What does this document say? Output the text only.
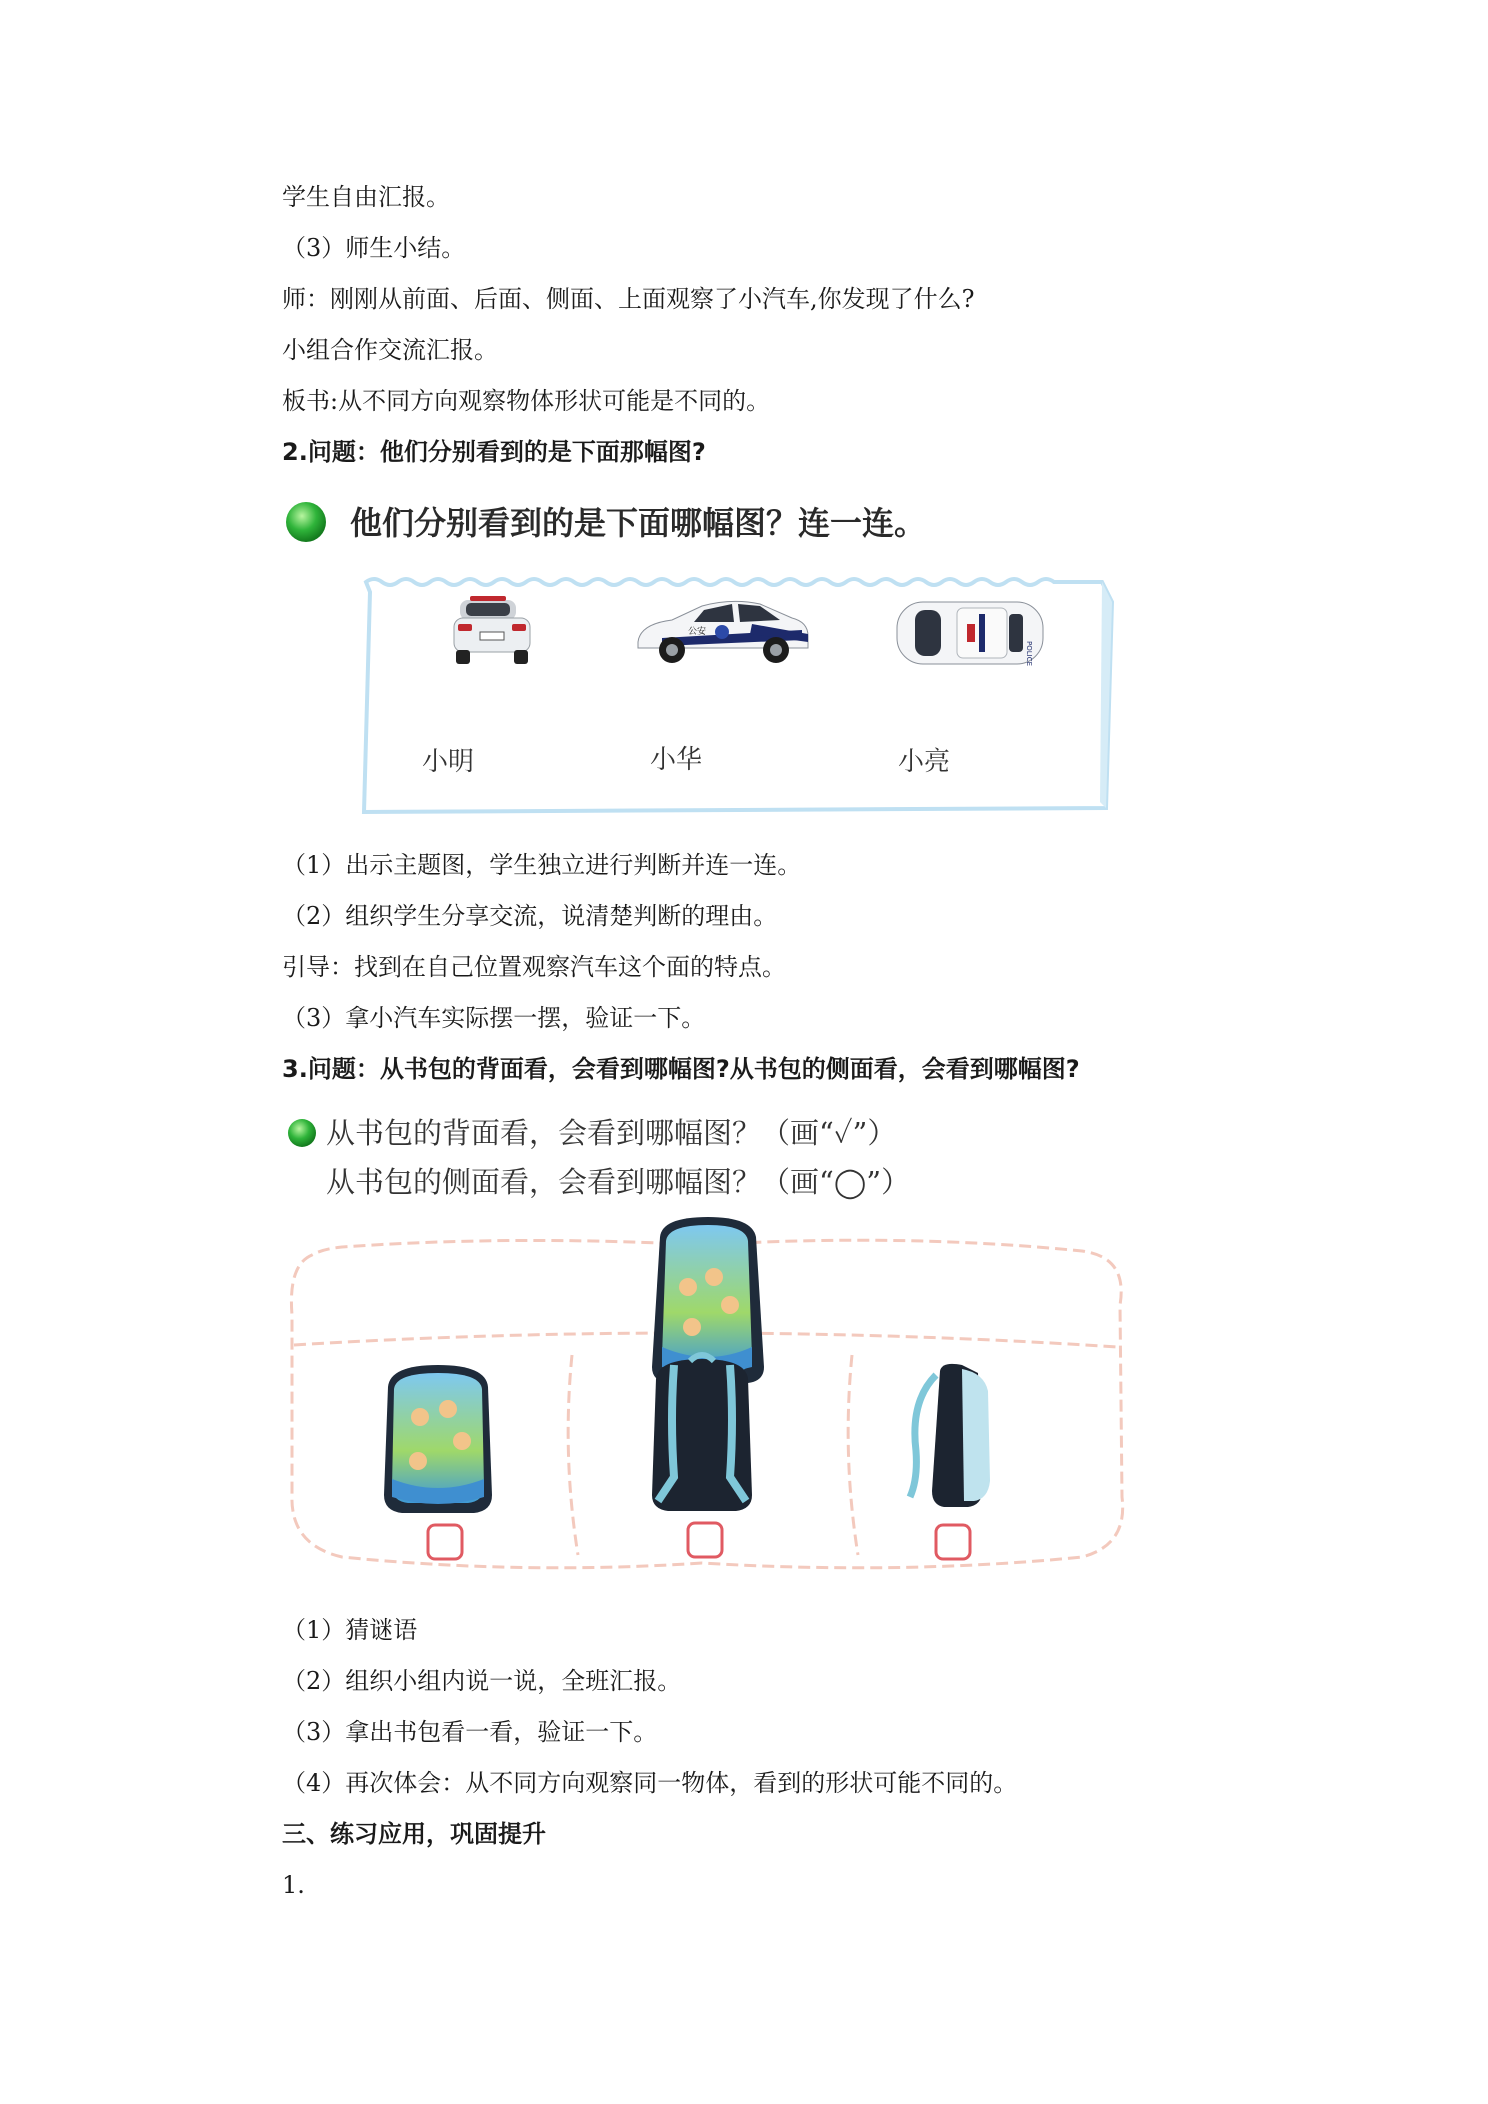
学生自由汇报。
（3）师生小结。
师：刚刚从前面、后面、侧面、上面观察了小汽车,你发现了什么?
小组合作交流汇报。
板书:从不同方向观察物体形状可能是不同的。
2.问题：他们分别看到的是下面那幅图?
他们分别看到的是下面哪幅图？连一连。
公安
POLICE
小明	小华	小亮
（1）出示主题图，学生独立进行判断并连一连。
（2）组织学生分享交流，说清楚判断的理由。
引导：找到在自己位置观察汽车这个面的特点。
（3）拿小汽车实际摆一摆，验证一下。
3.问题：从书包的背面看，会看到哪幅图?从书包的侧面看，会看到哪幅图?
从书包的背面看，会看到哪幅图？（画“✓”）
从书包的侧面看，会看到哪幅图？（画“◯”）
（1）猜谜语
（2）组织小组内说一说，全班汇报。
（3）拿出书包看一看，验证一下。
（4）再次体会：从不同方向观察同一物体，看到的形状可能不同的。
三、练习应用，巩固提升
1.
